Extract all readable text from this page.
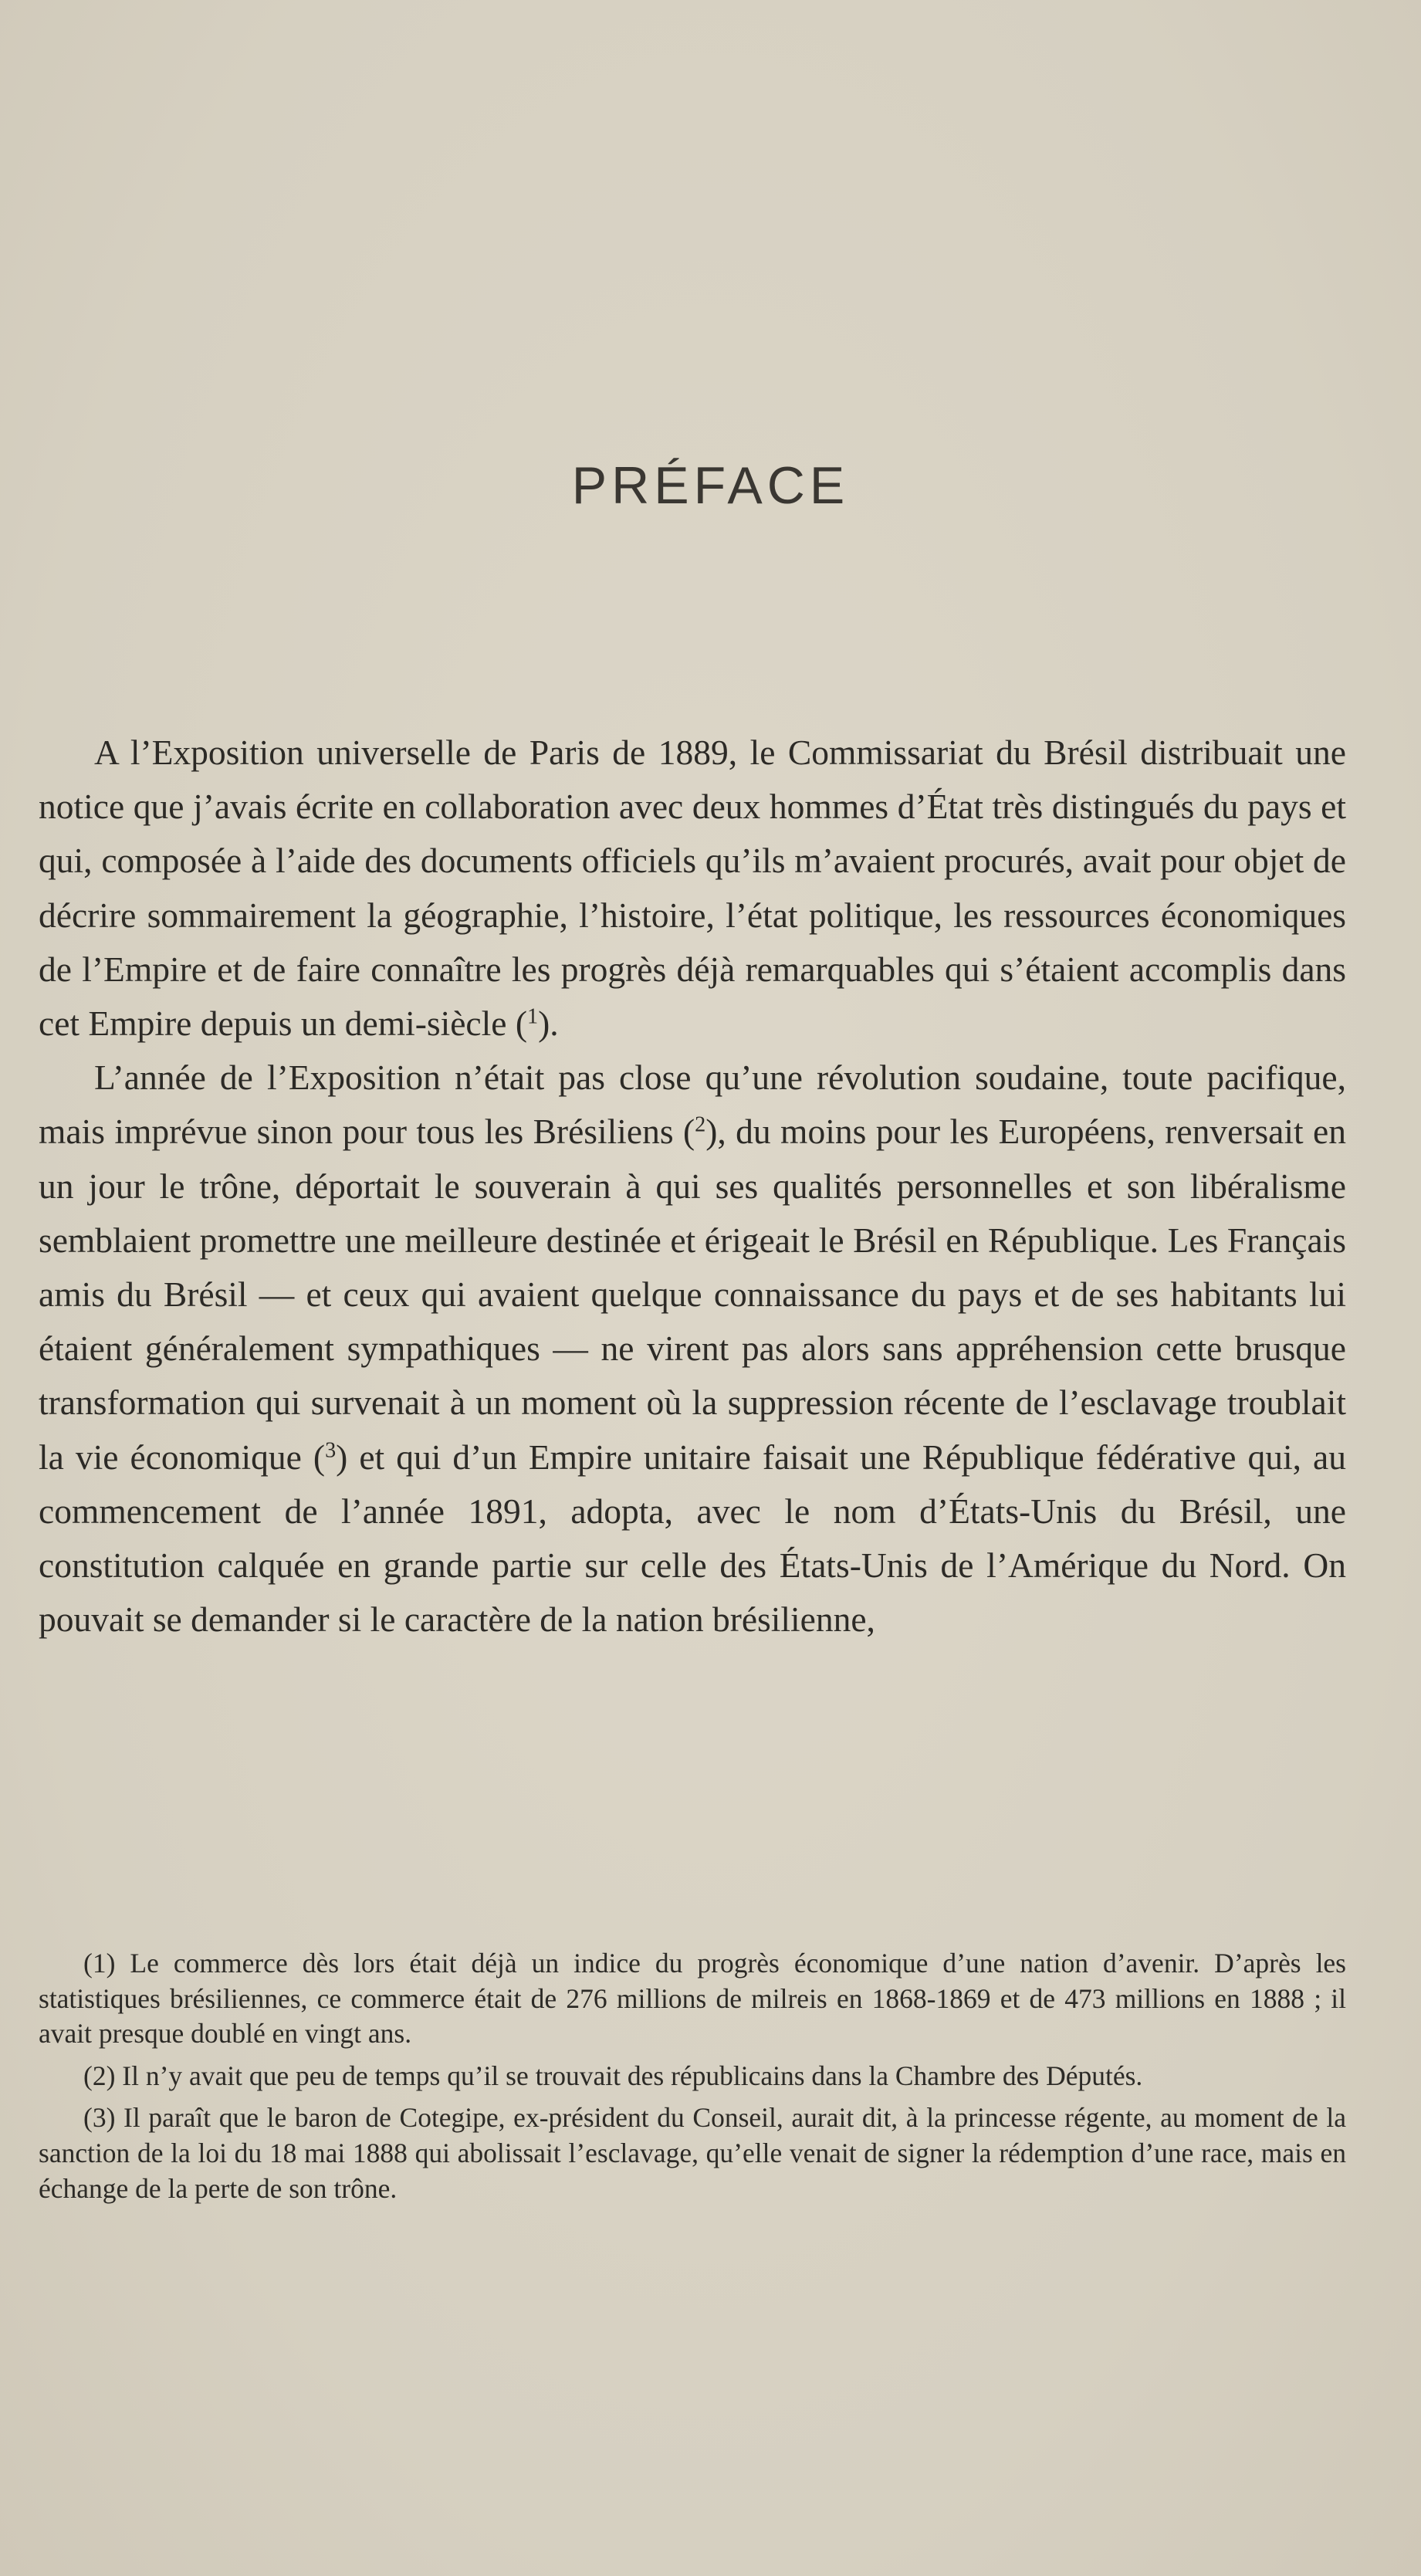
PRÉFACE

A l’Exposition universelle de Paris de 1889, le Commissariat du Brésil distribuait une notice que j’avais écrite en collaboration avec deux hommes d’État très distingués du pays et qui, composée à l’aide des documents officiels qu’ils m’avaient procurés, avait pour objet de décrire sommairement la géographie, l’histoire, l’état politique, les ressources économiques de l’Empire et de faire connaître les progrès déjà remarquables qui s’étaient accomplis dans cet Empire depuis un demi-siècle ($^1$).

L’année de l’Exposition n’était pas close qu’une révolution soudaine, toute pacifique, mais imprévue sinon pour tous les Brésiliens ($^2$), du moins pour les Européens, renversait en un jour le trône, déportait le souverain à qui ses qualités personnelles et son libéralisme semblaient promettre une meilleure destinée et érigeait le Brésil en République. Les Français amis du Brésil — et ceux qui avaient quelque connaissance du pays et de ses habitants lui étaient généralement sympathiques — ne virent pas alors sans appréhension cette brusque transformation qui survenait à un moment où la suppression récente de l’esclavage troublait la vie économique ($^3$) et qui d’un Empire unitaire faisait une République fédérative qui, au commencement de l’année 1891, adopta, avec le nom d’États-Unis du Brésil, une constitution calquée en grande partie sur celle des États-Unis de l’Amérique du Nord. On pouvait se demander si le caractère de la nation brésilienne,

(1) Le commerce dès lors était déjà un indice du progrès économique d’une nation d’avenir. D’après les statistiques brésiliennes, ce commerce était de 276 millions de milreis en 1868-1869 et de 473 millions en 1888 ; il avait presque doublé en vingt ans.

(2) Il n’y avait que peu de temps qu’il se trouvait des républicains dans la Chambre des Députés.

(3) Il paraît que le baron de Cotegipe, ex-président du Conseil, aurait dit, à la princesse régente, au moment de la sanction de la loi du 18 mai 1888 qui abolissait l’esclavage, qu’elle venait de signer la rédemption d’une race, mais en échange de la perte de son trône.
